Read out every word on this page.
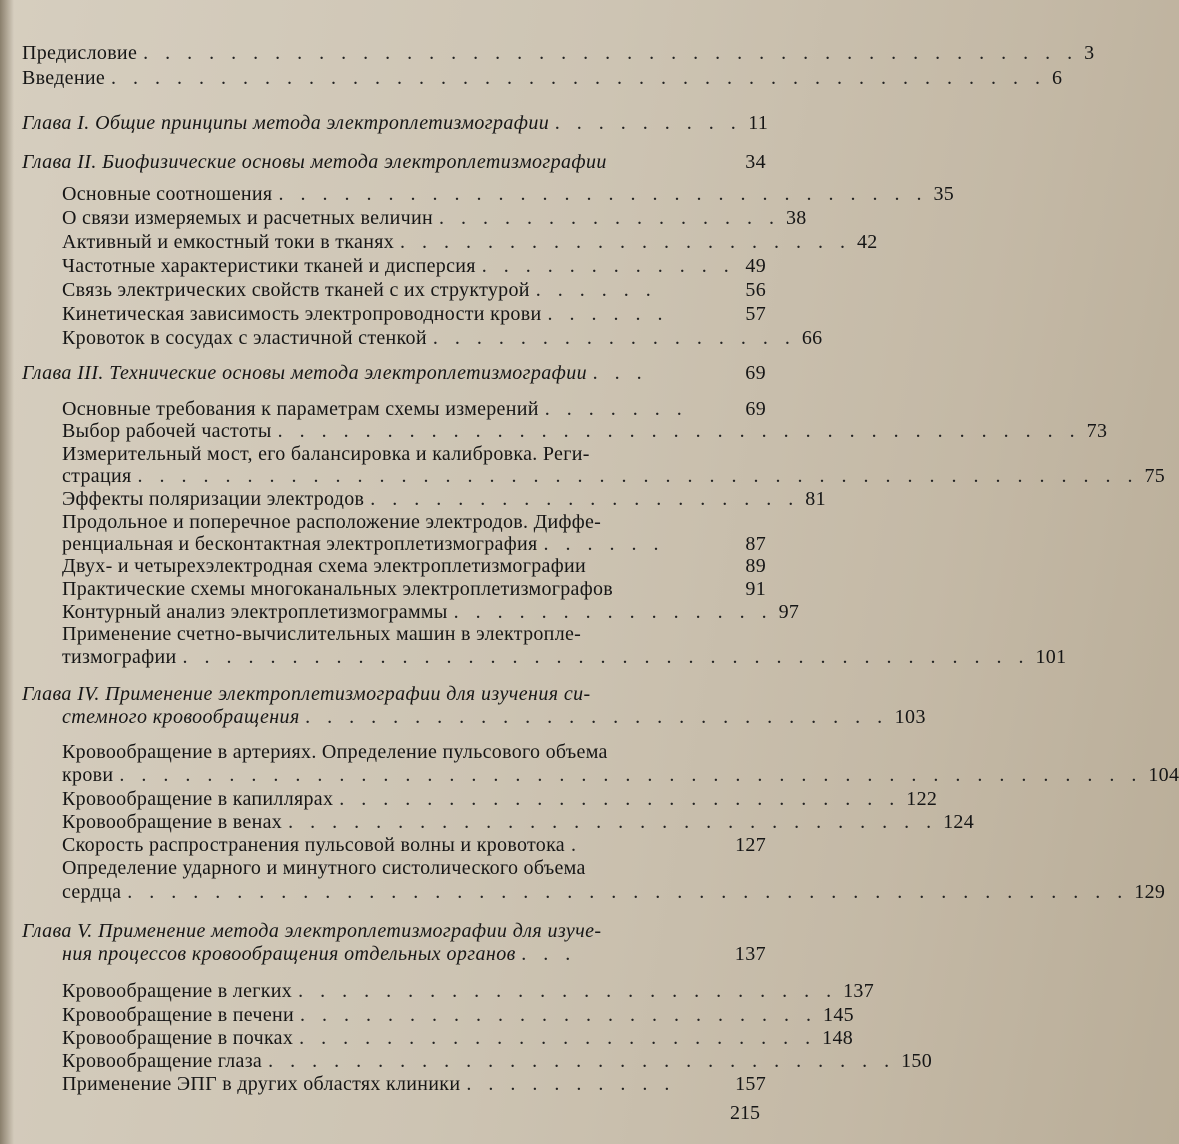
Предисловие . . . . . . . . . . . . . . . . . . . . . . . . . . . . . . . . . . . . . . . . . . . 3
Введение . . . . . . . . . . . . . . . . . . . . . . . . . . . . . . . . . . . . . . . . . . . 6
Глава I. Общие принципы метода электроплетизмографии . . . . . . . . . 11
Глава II. Биофизические основы метода электроплетизмографии	34
Основные соотношения . . . . . . . . . . . . . . . . . . . . . . . . . . . . . . 35
О связи измеряемых и расчетных величин . . . . . . . . . . . . . . . . 38
Активный и емкостный токи в тканях . . . . . . . . . . . . . . . . . . . . . 42
Частотные характеристики тканей и дисперсия . . . . . . . . . . . . 49
Связь электрических свойств тканей с их структурой . . . . . .	56
Кинетическая зависимость электропроводности крови . . . . . .	57
Кровоток в сосудах с эластичной стенкой . . . . . . . . . . . . . . . . . 66
Глава III. Технические основы метода электроплетизмографии . . .	69
Основные требования к параметрам схемы измерений . . . . . . .	69
Выбор рабочей частоты . . . . . . . . . . . . . . . . . . . . . . . . . . . . . . . . . . . . . 73
Измерительный мост, его балансировка и калибровка. Реги-
страция . . . . . . . . . . . . . . . . . . . . . . . . . . . . . . . . . . . . . . . . . . . . . . 75
Эффекты поляризации электродов . . . . . . . . . . . . . . . . . . . . 81
Продольное и поперечное расположение электродов. Диффе-
ренциальная и бесконтактная электроплетизмография . . . . . .	87
Двух- и четырехэлектродная схема электроплетизмографии	89
Практические схемы многоканальных электроплетизмографов	91
Контурный анализ электроплетизмограммы . . . . . . . . . . . . . . . 97
Применение счетно-вычислительных машин в электропле-
тизмографии . . . . . . . . . . . . . . . . . . . . . . . . . . . . . . . . . . . . . . . 101
Глава IV. Применение электроплетизмографии для изучения си-
стемного кровообращения . . . . . . . . . . . . . . . . . . . . . . . . . . . 103
Кровообращение в артериях. Определение пульсового объема
крови . . . . . . . . . . . . . . . . . . . . . . . . . . . . . . . . . . . . . . . . . . . . . . . 104
Кровообращение в капиллярах . . . . . . . . . . . . . . . . . . . . . . . . . . 122
Кровообращение в венах . . . . . . . . . . . . . . . . . . . . . . . . . . . . . . 124
Скорость распространения пульсовой волны и кровотока .	127
Определение ударного и минутного систолического объема
сердца . . . . . . . . . . . . . . . . . . . . . . . . . . . . . . . . . . . . . . . . . . . . . . 129
Глава V. Применение метода электроплетизмографии для изуче-
ния процессов кровообращения отдельных органов . . .	137
Кровообращение в легких . . . . . . . . . . . . . . . . . . . . . . . . . 137
Кровообращение в печени . . . . . . . . . . . . . . . . . . . . . . . . 145
Кровообращение в почках . . . . . . . . . . . . . . . . . . . . . . . . 148
Кровообращение глаза . . . . . . . . . . . . . . . . . . . . . . . . . . . . . 150
Применение ЭПГ в других областях клиники . . . . . . . . . .	157
215
